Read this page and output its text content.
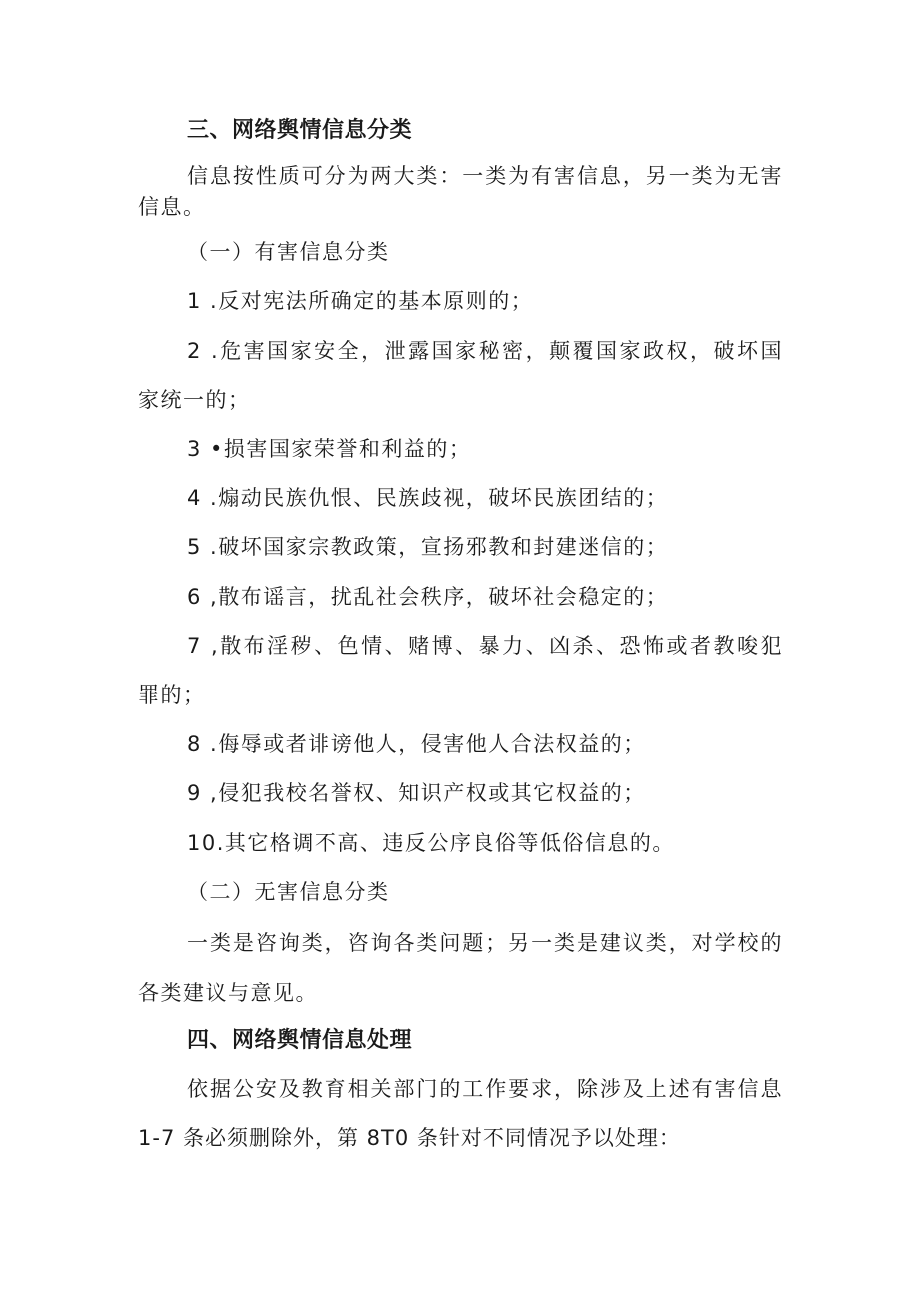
三、网络舆情信息分类
信息按性质可分为两大类：一类为有害信息，另一类为无害
信息。
（一）有害信息分类
1 .反对宪法所确定的基本原则的；
2 .危害国家安全，泄露国家秘密，颠覆国家政权，破坏国
家统一的；
3 •损害国家荣誉和利益的；
4 .煽动民族仇恨、民族歧视，破坏民族团结的；
5 .破坏国家宗教政策，宣扬邪教和封建迷信的；
6 ,散布谣言，扰乱社会秩序，破坏社会稳定的；
7 ,散布淫秽、色情、赌博、暴力、凶杀、恐怖或者教唆犯
罪的；
8 .侮辱或者诽谤他人，侵害他人合法权益的；
9 ,侵犯我校名誉权、知识产权或其它权益的；
10.其它格调不高、违反公序良俗等低俗信息的。
（二）无害信息分类
一类是咨询类，咨询各类问题；另一类是建议类，对学校的
各类建议与意见。
四、网络舆情信息处理
依据公安及教育相关部门的工作要求，除涉及上述有害信息
1-7 条必须删除外，第 8T0 条针对不同情况予以处理：
